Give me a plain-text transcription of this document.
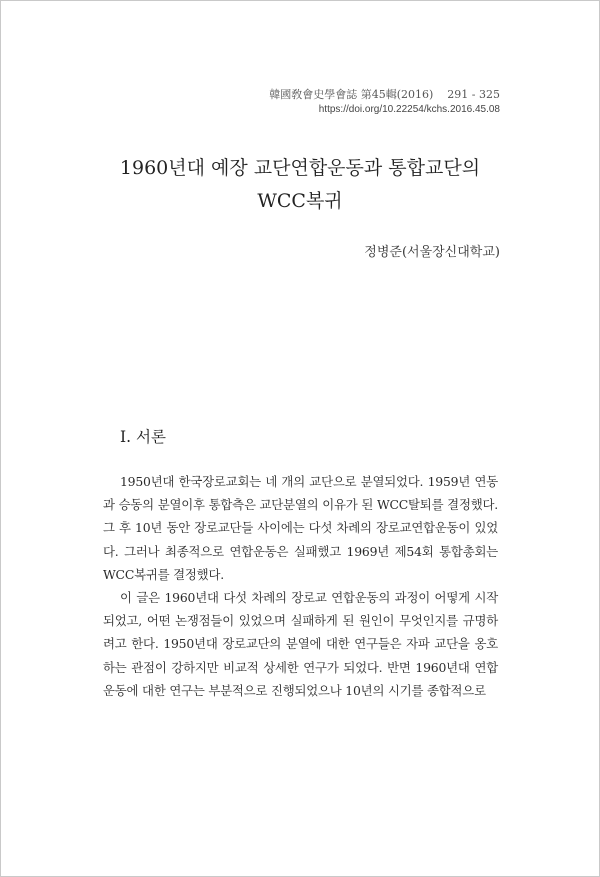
韓國敎會史學會誌 第45輯(2016) 291 - 325
https://doi.org/10.22254/kchs.2016.45.08
1960년대 예장 교단연합운동과 통합교단의
WCC복귀
정병준(서울장신대학교)
I. 서론

1950년대 한국장로교회는 네 개의 교단으로 분열되었다. 1959년 연동과 승동의 분열이후 통합측은 교단분열의 이유가 된 WCC탈퇴를 결정했다. 그 후 10년 동안 장로교단들 사이에는 다섯 차례의 장로교연합운동이 있었다. 그러나 최종적으로 연합운동은 실패했고 1969년 제54회 통합총회는 WCC복귀를 결정했다.

이 글은 1960년대 다섯 차례의 장로교 연합운동의 과정이 어떻게 시작되었고, 어떤 논쟁점들이 있었으며 실패하게 된 원인이 무엇인지를 규명하려고 한다. 1950년대 장로교단의 분열에 대한 연구들은 자파 교단을 옹호하는 관점이 강하지만 비교적 상세한 연구가 되었다. 반면 1960년대 연합운동에 대한 연구는 부분적으로 진행되었으나 10년의 시기를 종합적으로
